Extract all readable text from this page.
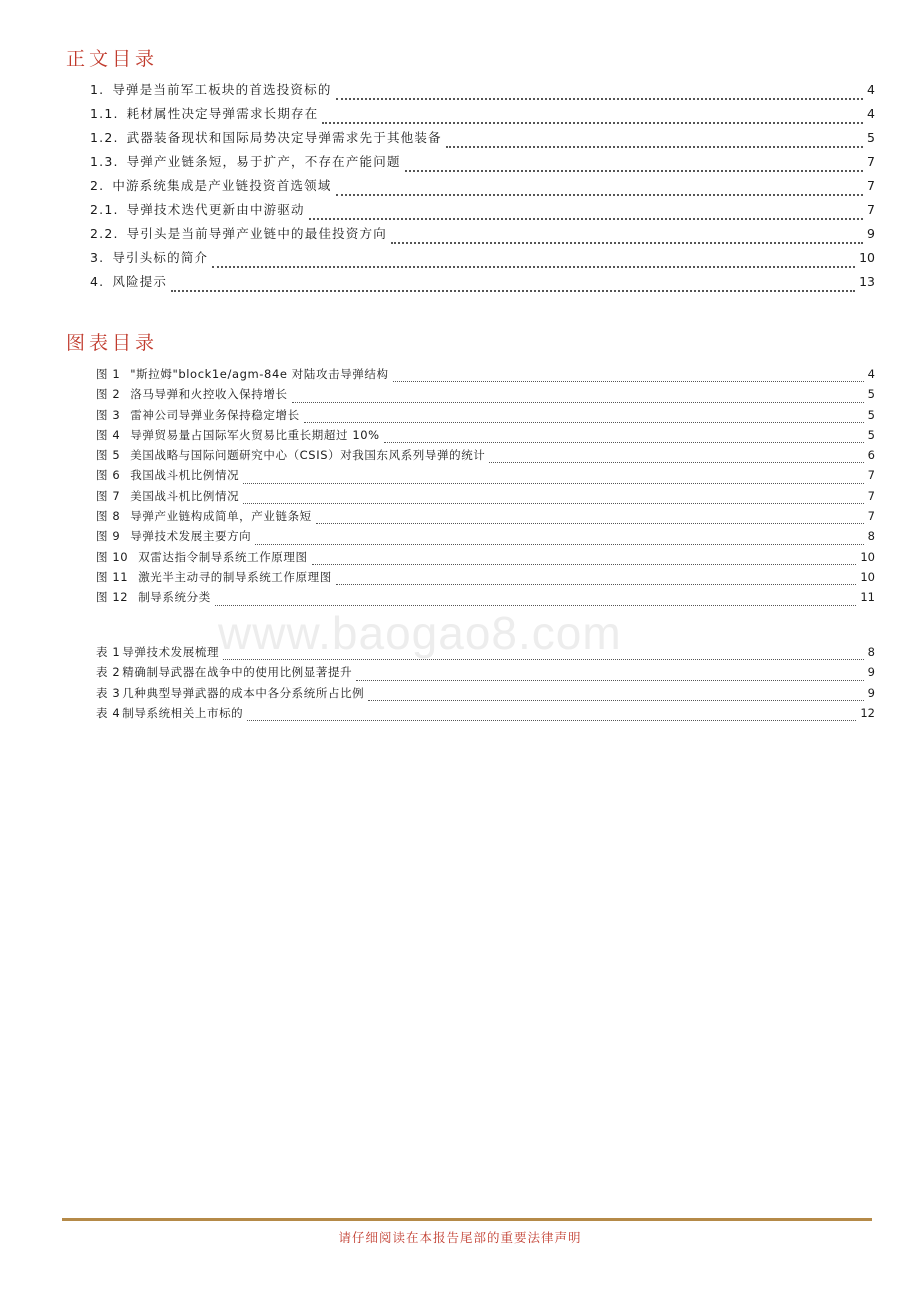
正文目录
1. 导弹是当前军工板块的首选投资标的	4
1.1. 耗材属性决定导弹需求长期存在	4
1.2. 武器装备现状和国际局势决定导弹需求先于其他装备	5
1.3. 导弹产业链条短，易于扩产，不存在产能问题	7
2. 中游系统集成是产业链投资首选领域	7
2.1. 导弹技术迭代更新由中游驱动	7
2.2. 导引头是当前导弹产业链中的最佳投资方向	9
3. 导引头标的简介	10
4. 风险提示	13
图表目录
图 1 "斯拉姆"block1e/agm-84e 对陆攻击导弹结构	4
图 2 洛马导弹和火控收入保持增长	5
图 3 雷神公司导弹业务保持稳定增长	5
图 4 导弹贸易量占国际军火贸易比重长期超过 10%	5
图 5 美国战略与国际问题研究中心（CSIS）对我国东风系列导弹的统计	6
图 6 我国战斗机比例情况	7
图 7 美国战斗机比例情况	7
图 8 导弹产业链构成简单，产业链条短	7
图 9 导弹技术发展主要方向	8
图 10 双雷达指令制导系统工作原理图	10
图 11 激光半主动寻的制导系统工作原理图	10
图 12 制导系统分类	11
www.baogao8.com
表 1 导弹技术发展梳理	8
表 2 精确制导武器在战争中的使用比例显著提升	9
表 3 几种典型导弹武器的成本中各分系统所占比例	9
表 4 制导系统相关上市标的	12
请仔细阅读在本报告尾部的重要法律声明
